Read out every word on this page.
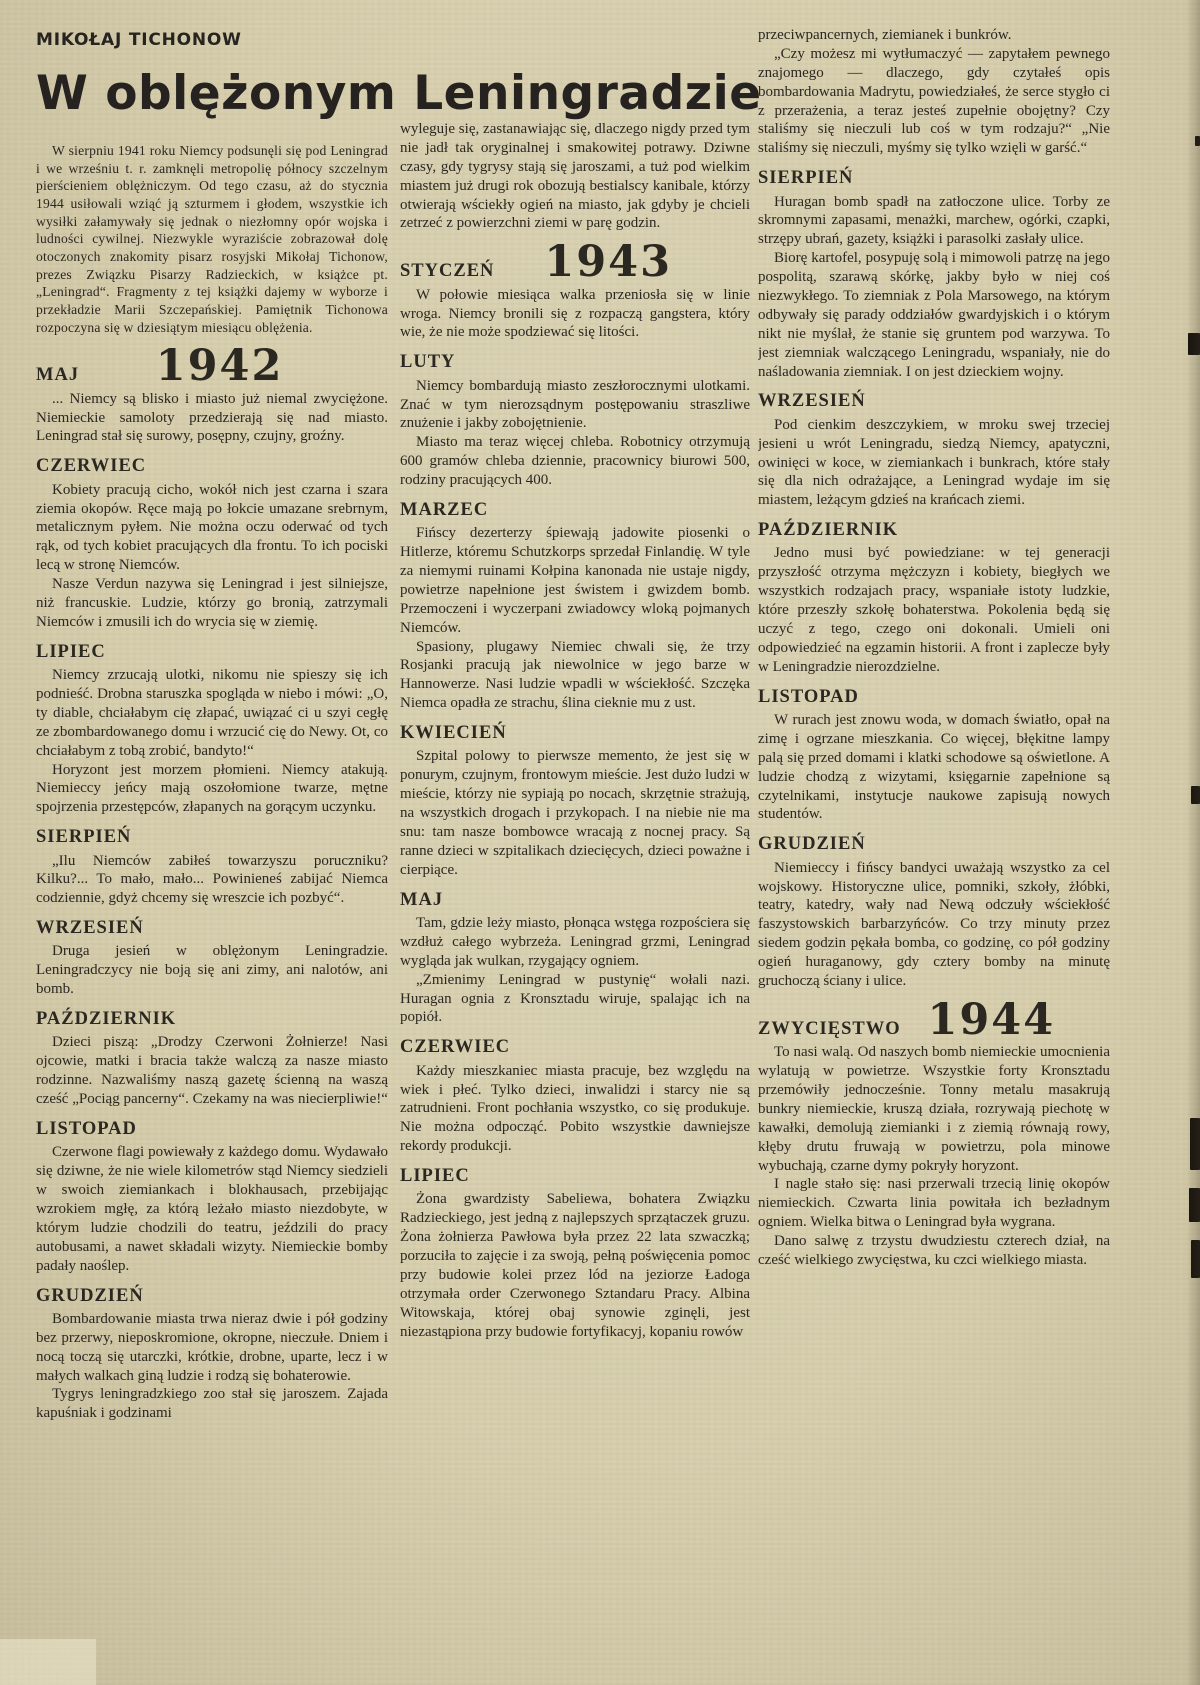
MIKOŁAJ TICHONOW
W oblężonym Leningradzie

W sierpniu 1941 roku Niemcy podsunęli się pod Leningrad i we wrześniu t. r. zamknęli metropolię północy szczelnym pierścieniem oblężniczym. Od tego czasu, aż do stycznia 1944 usiłowali wziąć ją szturmem i głodem, wszystkie ich wysiłki załamywały się jednak o niezłomny opór wojska i ludności cywilnej. Niezwykle wyraziście zobrazował dolę otoczonych znakomity pisarz rosyjski Mikołaj Tichonow, prezes Związku Pisarzy Radzieckich, w książce pt. „Leningrad“. Fragmenty z tej książki dajemy w wyborze i przekładzie Marii Szczepańskiej. Pamiętnik Tichonowa rozpoczyna się w dziesiątym miesiącu oblężenia.

MAJ 1942

... Niemcy są blisko i miasto już niemal zwyciężone. Niemieckie samoloty przedzierają się nad miasto. Leningrad stał się surowy, posępny, czujny, groźny.

CZERWIEC

Kobiety pracują cicho, wokół nich jest czarna i szara ziemia okopów. Ręce mają po łokcie umazane srebrnym, metalicznym pyłem. Nie można oczu oderwać od tych rąk, od tych kobiet pracujących dla frontu. To ich pociski lecą w stronę Niemców.

Nasze Verdun nazywa się Leningrad i jest silniejsze, niż francuskie. Ludzie, którzy go bronią, zatrzymali Niemców i zmusili ich do wrycia się w ziemię.

LIPIEC

Niemcy zrzucają ulotki, nikomu nie spieszy się ich podnieść. Drobna staruszka spogląda w niebo i mówi: „O, ty diable, chciałabym cię złapać, uwiązać ci u szyi cegłę ze zbombardowanego domu i wrzucić cię do Newy. Ot, co chciałabym z tobą zrobić, bandyto!“

Horyzont jest morzem płomieni. Niemcy atakują. Niemieccy jeńcy mają oszołomione twarze, mętne spojrzenia przestępców, złapanych na gorącym uczynku.

SIERPIEŃ

„Ilu Niemców zabiłeś towarzyszu poruczniku? Kilku?... To mało, mało... Powinieneś zabijać Niemca codziennie, gdyż chcemy się wreszcie ich pozbyć“.

WRZESIEŃ

Druga jesień w oblężonym Leningradzie. Leningradczycy nie boją się ani zimy, ani nalotów, ani bomb.

PAŹDZIERNIK

Dzieci piszą: „Drodzy Czerwoni Żołnierze! Nasi ojcowie, matki i bracia także walczą za nasze miasto rodzinne. Nazwaliśmy naszą gazetę ścienną na waszą cześć „Pociąg pancerny“. Czekamy na was niecierpliwie!“

LISTOPAD

Czerwone flagi powiewały z każdego domu. Wydawało się dziwne, że nie wiele kilometrów stąd Niemcy siedzieli w swoich ziemiankach i blokhausach, przebijając wzrokiem mgłę, za którą leżało miasto niezdobyte, w którym ludzie chodzili do teatru, jeździli do pracy autobusami, a nawet składali wizyty. Niemieckie bomby padały naoślep.

GRUDZIEŃ

Bombardowanie miasta trwa nieraz dwie i pół godziny bez przerwy, nieposkromione, okropne, nieczułe. Dniem i nocą toczą się utarczki, krótkie, drobne, uparte, lecz i w małych walkach giną ludzie i rodzą się bohaterowie.

Tygrys leningradzkiego zoo stał się jaroszem. Zajada kapuśniak i godzinami

wyleguje się, zastanawiając się, dlaczego nigdy przed tym nie jadł tak oryginalnej i smakowitej potrawy. Dziwne czasy, gdy tygrysy stają się jaroszami, a tuż pod wielkim miastem już drugi rok obozują bestialscy kanibale, którzy otwierają wściekły ogień na miasto, jak gdyby je chcieli zetrzeć z powierzchni ziemi w parę godzin.

STYCZEŃ 1943

W połowie miesiąca walka przeniosła się w linie wroga. Niemcy bronili się z rozpaczą gangstera, który wie, że nie może spodziewać się litości.

LUTY

Niemcy bombardują miasto zeszłorocznymi ulotkami. Znać w tym nierozsądnym postępowaniu straszliwe znużenie i jakby zobojętnienie.

Miasto ma teraz więcej chleba. Robotnicy otrzymują 600 gramów chleba dziennie, pracownicy biurowi 500, rodziny pracujących 400.

MARZEC

Fińscy dezerterzy śpiewają jadowite piosenki o Hitlerze, któremu Schutzkorps sprzedał Finlandię. W tyle za niemymi ruinami Kołpina kanonada nie ustaje nigdy, powietrze napełnione jest świstem i gwizdem bomb. Przemoczeni i wyczerpani zwiadowcy wloką pojmanych Niemców.

Spasiony, plugawy Niemiec chwali się, że trzy Rosjanki pracują jak niewolnice w jego barze w Hannowerze. Nasi ludzie wpadli w wściekłość. Szczęka Niemca opadła ze strachu, ślina cieknie mu z ust.

KWIECIEŃ

Szpital polowy to pierwsze memento, że jest się w ponurym, czujnym, frontowym mieście. Jest dużo ludzi w mieście, którzy nie sypiają po nocach, skrzętnie strażują, na wszystkich drogach i przykopach. I na niebie nie ma snu: tam nasze bombowce wracają z nocnej pracy. Są ranne dzieci w szpitalikach dziecięcych, dzieci poważne i cierpiące.

MAJ

Tam, gdzie leży miasto, płonąca wstęga rozpościera się wzdłuż całego wybrzeża. Leningrad grzmi, Leningrad wygląda jak wulkan, rzygający ogniem.

„Zmienimy Leningrad w pustynię“ wołali nazi. Huragan ognia z Kronsztadu wiruje, spalając ich na popiół.

CZERWIEC

Każdy mieszkaniec miasta pracuje, bez względu na wiek i płeć. Tylko dzieci, inwalidzi i starcy nie są zatrudnieni. Front pochłania wszystko, co się produkuje. Nie można odpocząć. Pobito wszystkie dawniejsze rekordy produkcji.

LIPIEC

Żona gwardzisty Sabeliewa, bohatera Związku Radzieckiego, jest jedną z najlepszych sprzątaczek gruzu. Żona żołnierza Pawłowa była przez 22 lata szwaczką; porzuciła to zajęcie i za swoją, pełną poświęcenia pomoc przy budowie kolei przez lód na jeziorze Ładoga otrzymała order Czerwonego Sztandaru Pracy. Albina Witowskaja, której obaj synowie zginęli, jest niezastąpiona przy budowie fortyfikacyj, kopaniu rowów

przeciwpancernych, ziemianek i bunkrów.

„Czy możesz mi wytłumaczyć — zapytałem pewnego znajomego — dlaczego, gdy czytałeś opis bombardowania Madrytu, powiedziałeś, że serce stygło ci z przerażenia, a teraz jesteś zupełnie obojętny? Czy staliśmy się nieczuli lub coś w tym rodzaju?“ „Nie staliśmy się nieczuli, myśmy się tylko wzięli w garść.“

SIERPIEŃ

Huragan bomb spadł na zatłoczone ulice. Torby ze skromnymi zapasami, menażki, marchew, ogórki, czapki, strzępy ubrań, gazety, książki i parasolki zasłały ulice.

Biorę kartofel, posypuję solą i mimowoli patrzę na jego pospolitą, szarawą skórkę, jakby było w niej coś niezwykłego. To ziemniak z Pola Marsowego, na którym odbywały się parady oddziałów gwardyjskich i o którym nikt nie myślał, że stanie się gruntem pod warzywa. To jest ziemniak walczącego Leningradu, wspaniały, nie do naśladowania ziemniak. I on jest dzieckiem wojny.

WRZESIEŃ

Pod cienkim deszczykiem, w mroku swej trzeciej jesieni u wrót Leningradu, siedzą Niemcy, apatyczni, owinięci w koce, w ziemiankach i bunkrach, które stały się dla nich odrażające, a Leningrad wydaje im się miastem, leżącym gdzieś na krańcach ziemi.

PAŹDZIERNIK

Jedno musi być powiedziane: w tej generacji przyszłość otrzyma mężczyzn i kobiety, biegłych we wszystkich rodzajach pracy, wspaniałe istoty ludzkie, które przeszły szkołę bohaterstwa. Pokolenia będą się uczyć z tego, czego oni dokonali. Umieli oni odpowiedzieć na egzamin historii. A front i zaplecze były w Leningradzie nierozdzielne.

LISTOPAD

W rurach jest znowu woda, w domach światło, opał na zimę i ogrzane mieszkania. Co więcej, błękitne lampy palą się przed domami i klatki schodowe są oświetlone. A ludzie chodzą z wizytami, księgarnie zapełnione są czytelnikami, instytucje naukowe zapisują nowych studentów.

GRUDZIEŃ

Niemieccy i fińscy bandyci uważają wszystko za cel wojskowy. Historyczne ulice, pomniki, szkoły, żłóbki, teatry, katedry, wały nad Newą odczuły wściekłość faszystowskich barbarzyńców. Co trzy minuty przez siedem godzin pękała bomba, co godzinę, co pół godziny ogień huraganowy, gdy cztery bomby na minutę gruchoczą ściany i ulice.

ZWYCIĘSTWO 1944

To nasi walą. Od naszych bomb niemieckie umocnienia wylatują w powietrze. Wszystkie forty Kronsztadu przemówiły jednocześnie. Tonny metalu masakrują bunkry niemieckie, kruszą działa, rozrywają piechotę w kawałki, demolują ziemianki i z ziemią równają rowy, kłęby drutu fruwają w powietrzu, pola minowe wybuchają, czarne dymy pokryły horyzont.

I nagle stało się: nasi przerwali trzecią linię okopów niemieckich. Czwarta linia powitała ich bezładnym ogniem. Wielka bitwa o Leningrad była wygrana.

Dano salwę z trzystu dwudziestu czterech dział, na cześć wielkiego zwycięstwa, ku czci wielkiego miasta.
